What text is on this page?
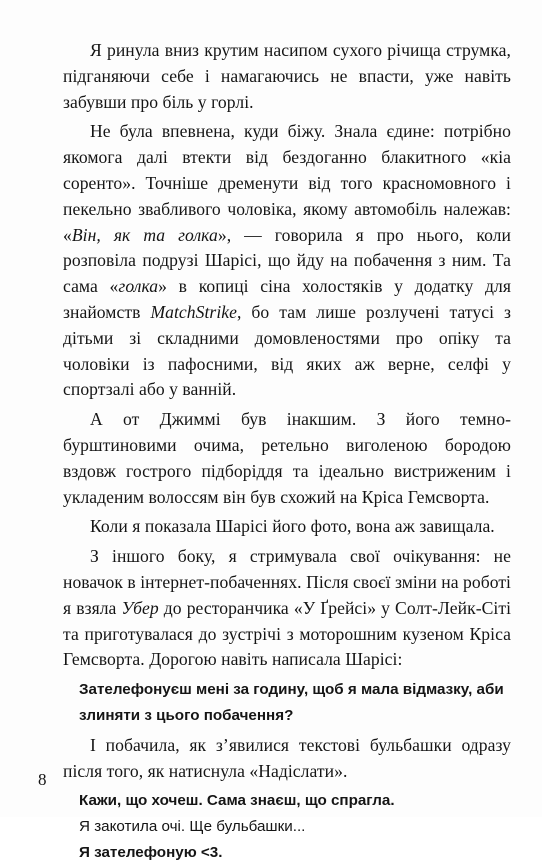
Я ринула вниз крутим насипом сухого річища струмка, підганяючи себе і намагаючись не впасти, уже навіть забувши про біль у горлі.

Не була впевнена, куди біжу. Знала єдине: потрібно якомога далі втекти від бездоганно блакитного «кіа соренто». Точніше дременути від того красномовного і пекельно звабливого чоловіка, якому автомобіль належав: «Він, як та голка», — говорила я про нього, коли розповіла подрузі Шарісі, що йду на побачення з ним. Та сама «голка» в копиці сіна холостяків у додатку для знайомств MatchStrike, бо там лише розлучені татусі з дітьми зі складними домовленостями про опіку та чоловіки із пафосними, від яких аж верне, селфі у спортзалі або у ванній.

А от Джиммі був інакшим. З його темно-бурштиновими очима, ретельно виголеною бородою вздовж гострого підборіддя та ідеально вистриженим і укладеним волоссям він був схожий на Кріса Гемсворта.

Коли я показала Шарісі його фото, вона аж завищала.

З іншого боку, я стримувала свої очікування: не новачок в інтернет-побаченнях. Після своєї зміни на роботі я взяла Убер до ресторанчика «У Ґрейсі» у Солт-Лейк-Сіті та приготувалася до зустрічі з моторошним кузеном Кріса Гемсворта. Дорогою навіть написала Шарісі:

Зателефонуєш мені за годину, щоб я мала відмазку, аби злиняти з цього побачення?

І побачила, як з’явилися текстові бульбашки одразу після того, як натиснула «Надіслати».

Кажи, що хочеш. Сама знаєш, що спрагла.

Я закотила очі. Ще бульбашки...

Я зателефоную <3.

8
